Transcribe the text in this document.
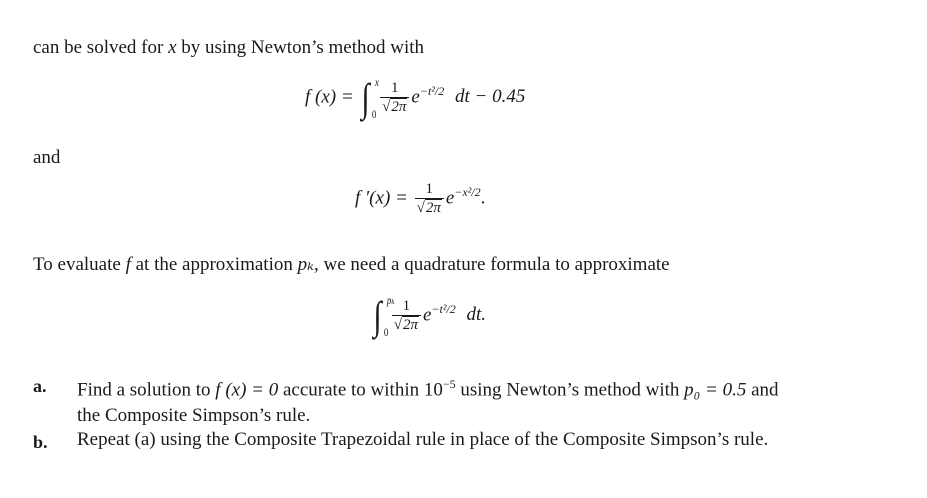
can be solved for x by using Newton’s method with
f (x) = ∫ x
0
$\frac{1}{√2\pi} e^{-t^2/2}$ dt − 0.45
and
f $'(x) = \frac{1}{√2\pi} e^{-x^2/2}$.
To evaluate f at the approximation pₖ, we need a quadrature formula to approximate
∫ pₖ
0
$\frac{1}{√2\pi} e^{-t^2/2}$ dt.
a. Find a solution to f (x) = 0 accurate to within $10^{-5}$ using Newton’s method with p₀ = 0.5 and
the Composite Simpson’s rule.
b. Repeat (a) using the Composite Trapezoidal rule in place of the Composite Simpson’s rule.
